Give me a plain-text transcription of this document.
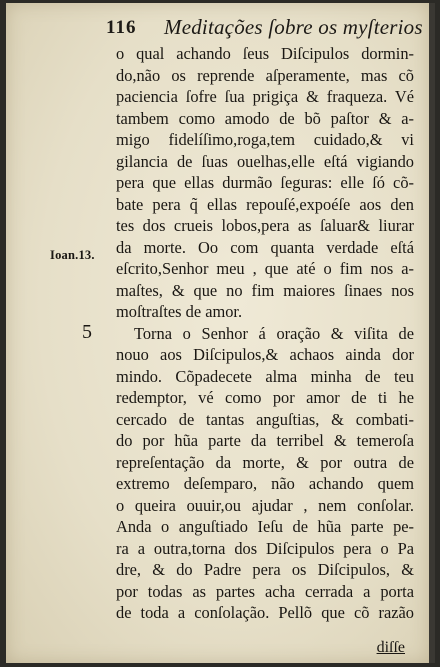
116 Meditações ſobre os myſterios
Ioan.13.
5
o qual achando ſeus Diſcipulos dormin-
do,não os reprende aſperamente, mas cõ
paciencia ſofre ſua prigiça & fraqueza. Vé
tambem como amodo de bõ paſtor & a-
migo fidelíſimo,roga,tem cuidado,& vi
gilancia de ſuas ouelhas,elle eſtá vigiando
pera que ellas durmão ſeguras: elle ſó cõ-
bate pera q̃ ellas repouſé,expoéſe aos den
tes dos crueis lobos,pera as ſaluar& liurar
da morte. Oo com quanta verdade eſtá
eſcrito,Senhor meu , que até o fim nos a-
maſtes, & que no fim maiores ſinaes nos
moſtraſtes de amor.
Torna o Senhor á oração & viſita de
nouo aos Diſcipulos,& achaos ainda dor
mindo. Cõpadecete alma minha de teu
redemptor, vé como por amor de ti he
cercado de tantas anguſtias, & combati-
do por hũa parte da terribel & temeroſa
repreſentação da morte, & por outra de
extremo deſemparo, não achando quem
o queira ouuir,ou ajudar , nem conſolar.
Anda o anguſtiado Ieſu de hũa parte pe-
ra a outra,torna dos Diſcipulos pera o Pa
dre, & do Padre pera os Diſcipulos, &
por todas as partes acha cerrada a porta
de toda a conſolação. Pellõ que cõ razão
diſſe
